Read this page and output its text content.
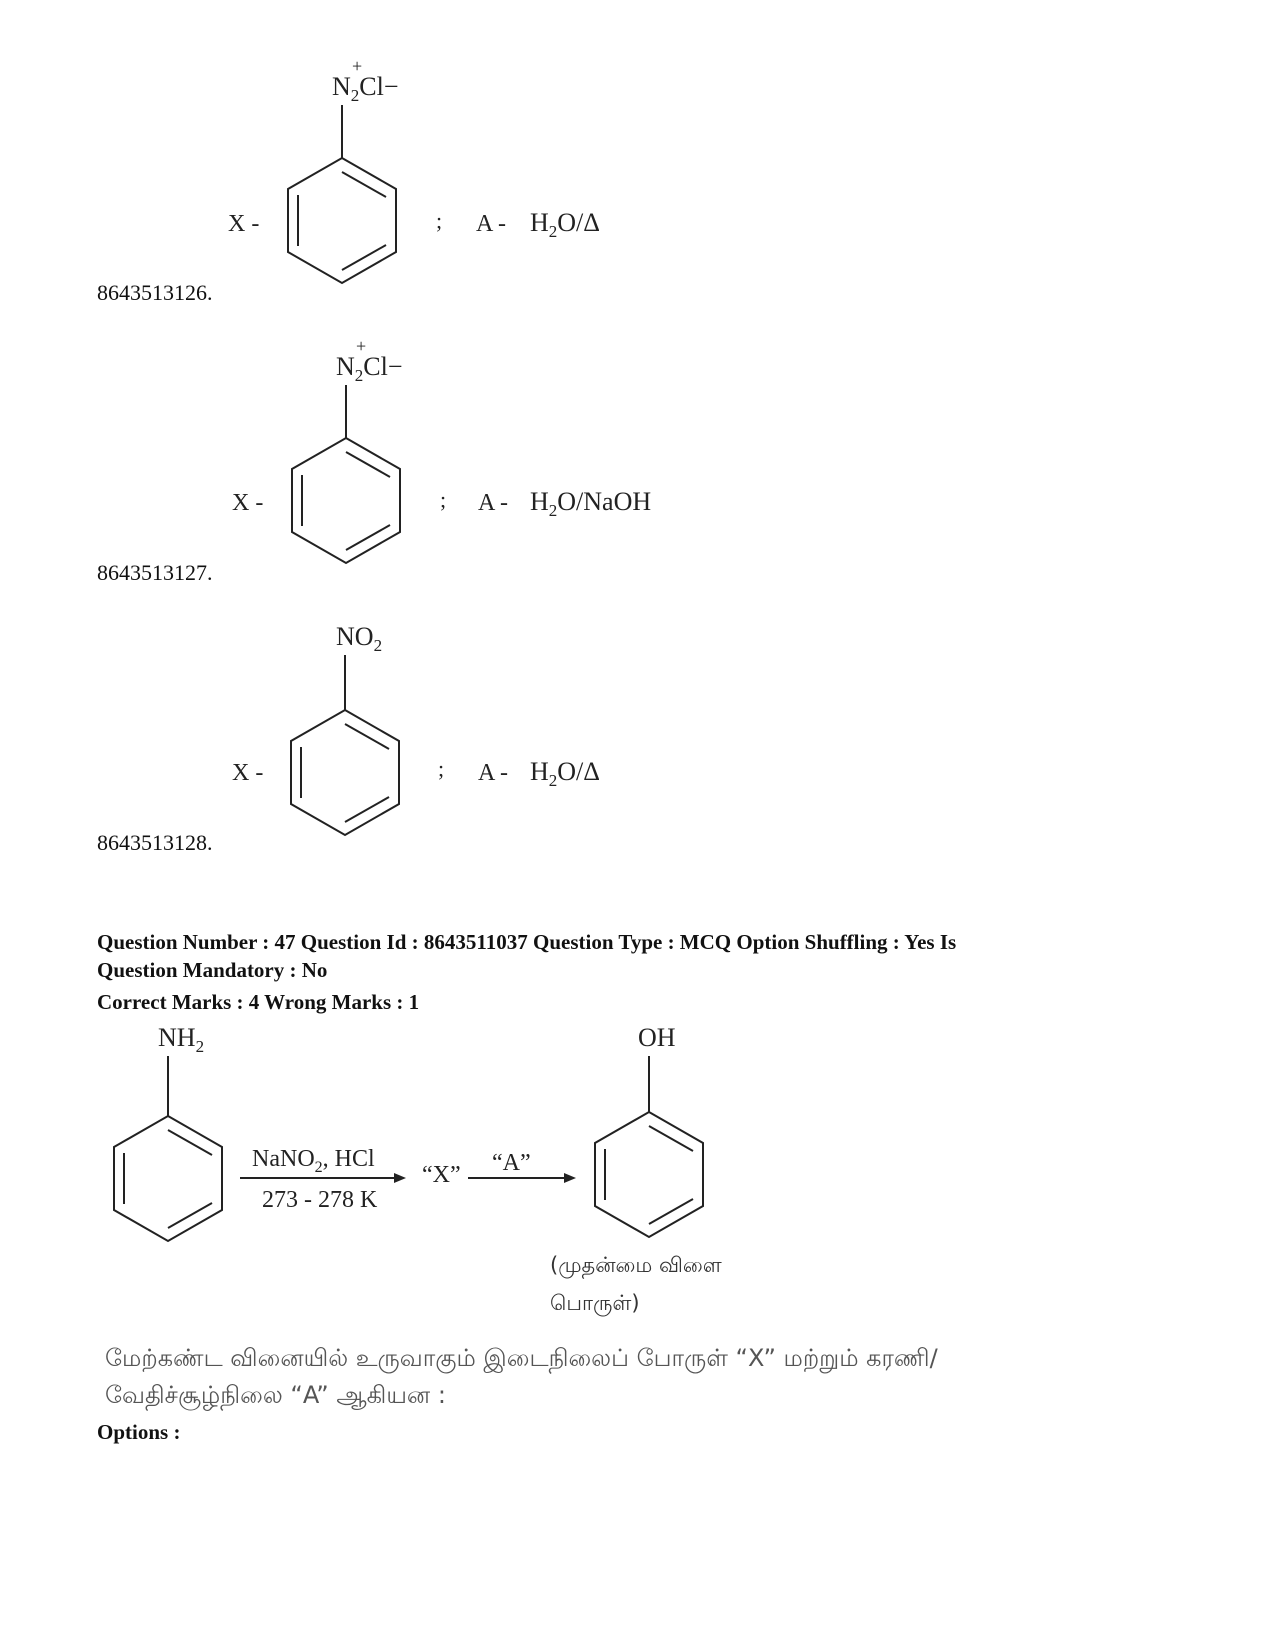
+
$N_2Cl-$
X -	; A - $H_2O/\Delta$
8643513126.
+
$N_2Cl-$
X -	; A - $H_2O$/NaOH
8643513127.
$NO_2$
X -	; A - $H_2O/\Delta$
8643513128.
Question Number : 47 Question Id : 8643511037 Question Type : MCQ Option Shuffling : Yes Is
Question Mandatory : No
Correct Marks : 4 Wrong Marks : 1
$NH_2$
NaNO$_2$, HCl
273 - 278 K
“X” “A”
OH
(முதன்மை விளை
பொருள்)
மேற்கண்ட வினையில் உருவாகும் இடைநிலைப் போருள் “X” மற்றும் கரணி/
வேதிச்சூழ்நிலை “A” ஆகியன :
Options :
